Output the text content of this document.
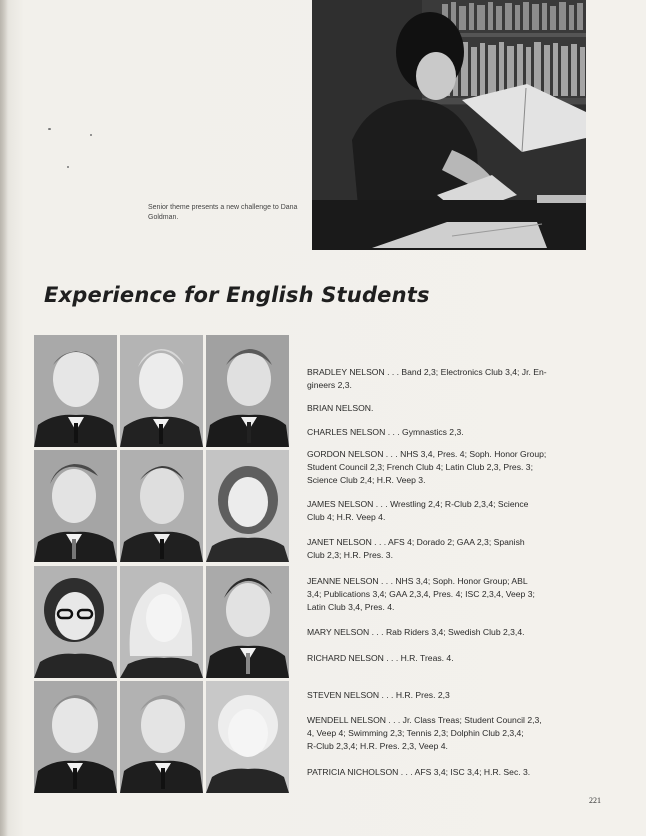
Senior theme presents a new challenge to Dana
Goldman.
Experience for English Students
BRADLEY NELSON . . . Band 2,3; Electronics Club 3,4; Jr. En-
gineers 2,3.
BRIAN NELSON.
CHARLES NELSON . . . Gymnastics 2,3.
GORDON NELSON . . . NHS 3,4, Pres. 4; Soph. Honor Group;
Student Council 2,3; French Club 4; Latin Club 2,3, Pres. 3;
Science Club 2,4; H.R. Veep 3.
JAMES NELSON . . . Wrestling 2,4; R-Club 2,3,4; Science
Club 4; H.R. Veep 4.
JANET NELSON . . . AFS 4; Dorado 2; GAA 2,3; Spanish
Club 2,3; H.R. Pres. 3.
JEANNE NELSON . . . NHS 3,4; Soph. Honor Group; ABL
3,4; Publications 3,4; GAA 2,3,4, Pres. 4; ISC 2,3,4, Veep 3;
Latin Club 3,4, Pres. 4.
MARY NELSON . . . Rab Riders 3,4; Swedish Club 2,3,4.
RICHARD NELSON . . . H.R. Treas. 4.
STEVEN NELSON . . . H.R. Pres. 2,3
WENDELL NELSON . . . Jr. Class Treas; Student Council 2,3,
4, Veep 4; Swimming 2,3; Tennis 2,3; Dolphin Club 2,3,4;
R-Club 2,3,4; H.R. Pres. 2,3, Veep 4.
PATRICIA NICHOLSON . . . AFS 3,4; ISC 3,4; H.R. Sec. 3.
221
